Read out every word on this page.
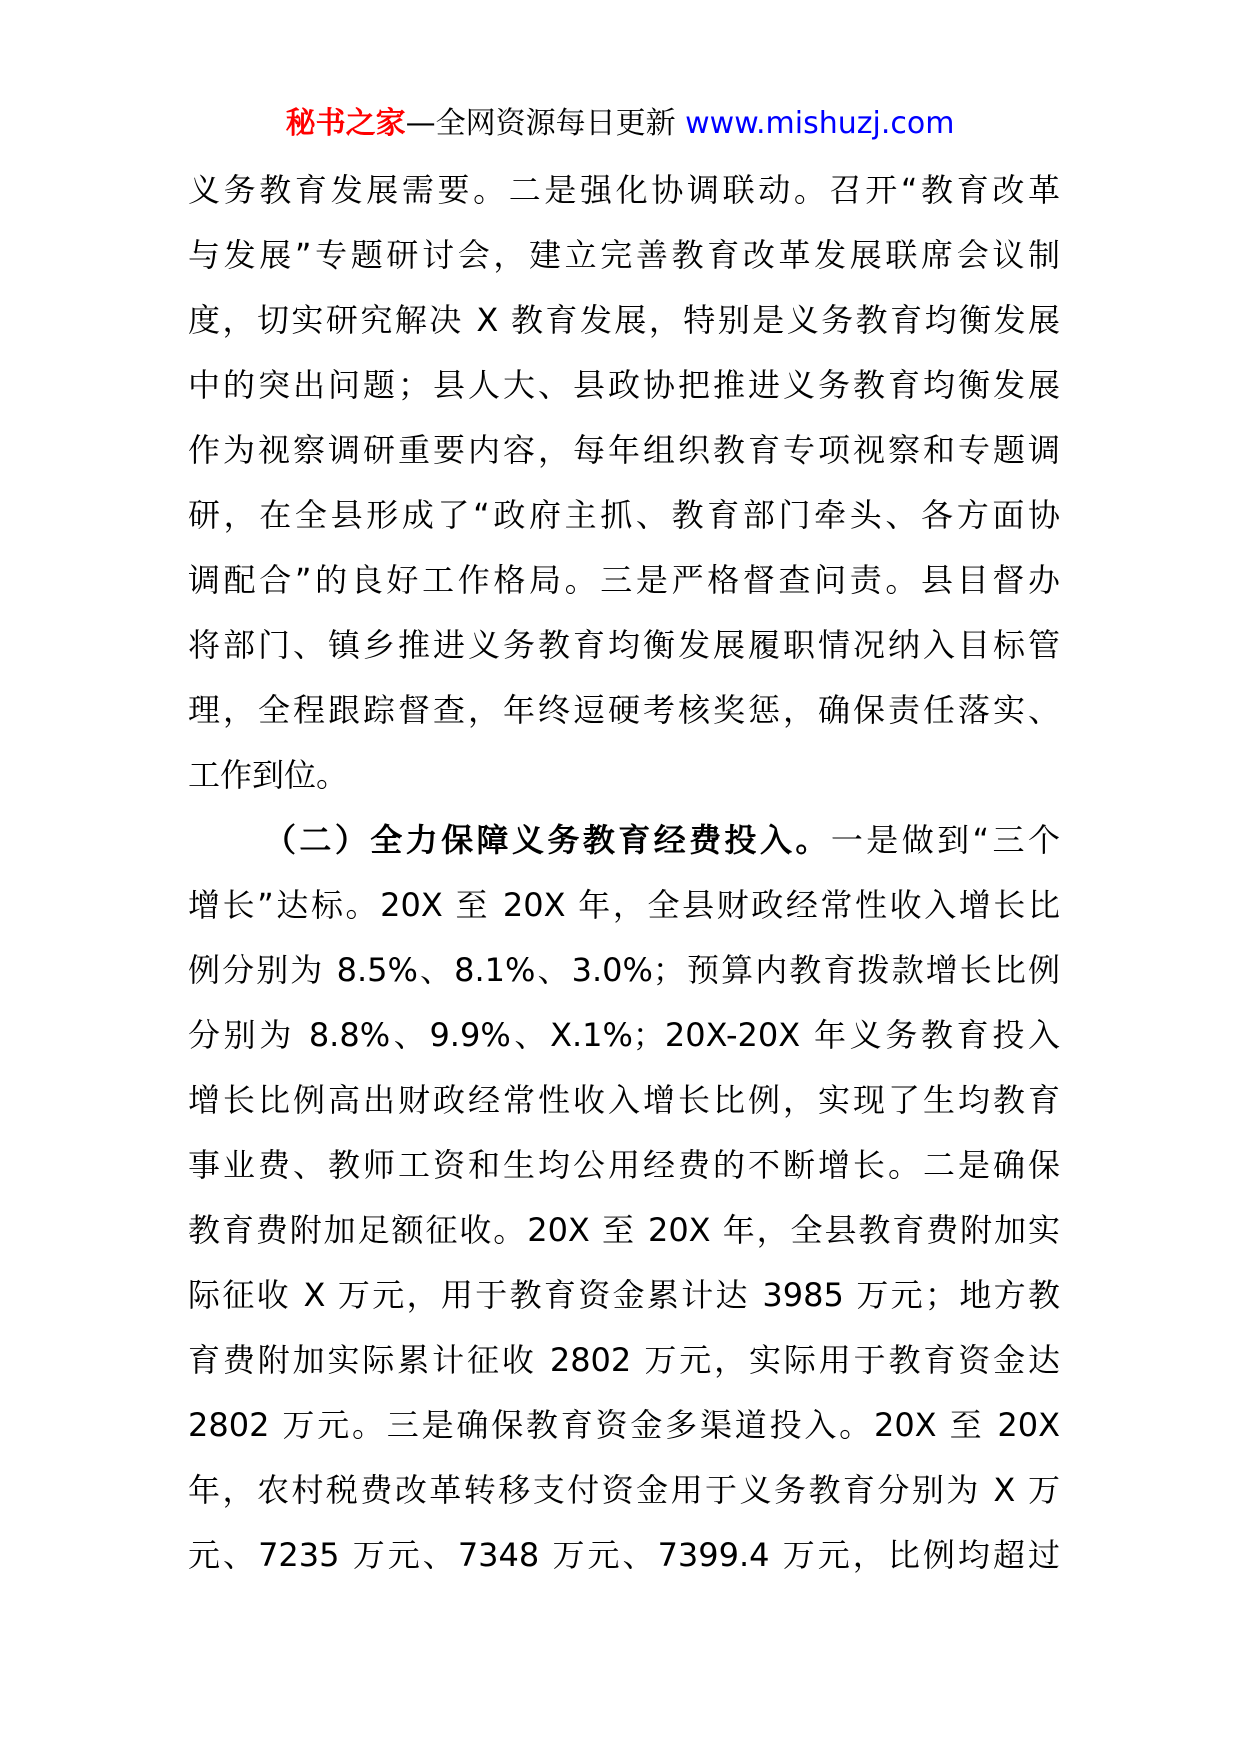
秘书之家—全网资源每日更新 www.mishuzj.com
义务教育发展需要。二是强化协调联动。召开“教育改革
与发展”专题研讨会，建立完善教育改革发展联席会议制
度，切实研究解决 X 教育发展，特别是义务教育均衡发展
中的突出问题；县人大、县政协把推进义务教育均衡发展
作为视察调研重要内容，每年组织教育专项视察和专题调
研，在全县形成了“政府主抓、教育部门牵头、各方面协
调配合”的良好工作格局。三是严格督查问责。县目督办
将部门、镇乡推进义务教育均衡发展履职情况纳入目标管
理，全程跟踪督查，年终逗硬考核奖惩，确保责任落实、
工作到位。
（二）全力保障义务教育经费投入。一是做到“三个
增长”达标。20X 至 20X 年，全县财政经常性收入增长比
例分别为 8.5%、8.1%、3.0%；预算内教育拨款增长比例
分别为 8.8%、9.9%、X.1%；20X-20X 年义务教育投入
增长比例高出财政经常性收入增长比例，实现了生均教育
事业费、教师工资和生均公用经费的不断增长。二是确保
教育费附加足额征收。20X 至 20X 年，全县教育费附加实
际征收 X 万元，用于教育资金累计达 3985 万元；地方教
育费附加实际累计征收 2802 万元，实际用于教育资金达
2802 万元。三是确保教育资金多渠道投入。20X 至 20X
年，农村税费改革转移支付资金用于义务教育分别为 X 万
元、7235 万元、7348 万元、7399.4 万元，比例均超过
